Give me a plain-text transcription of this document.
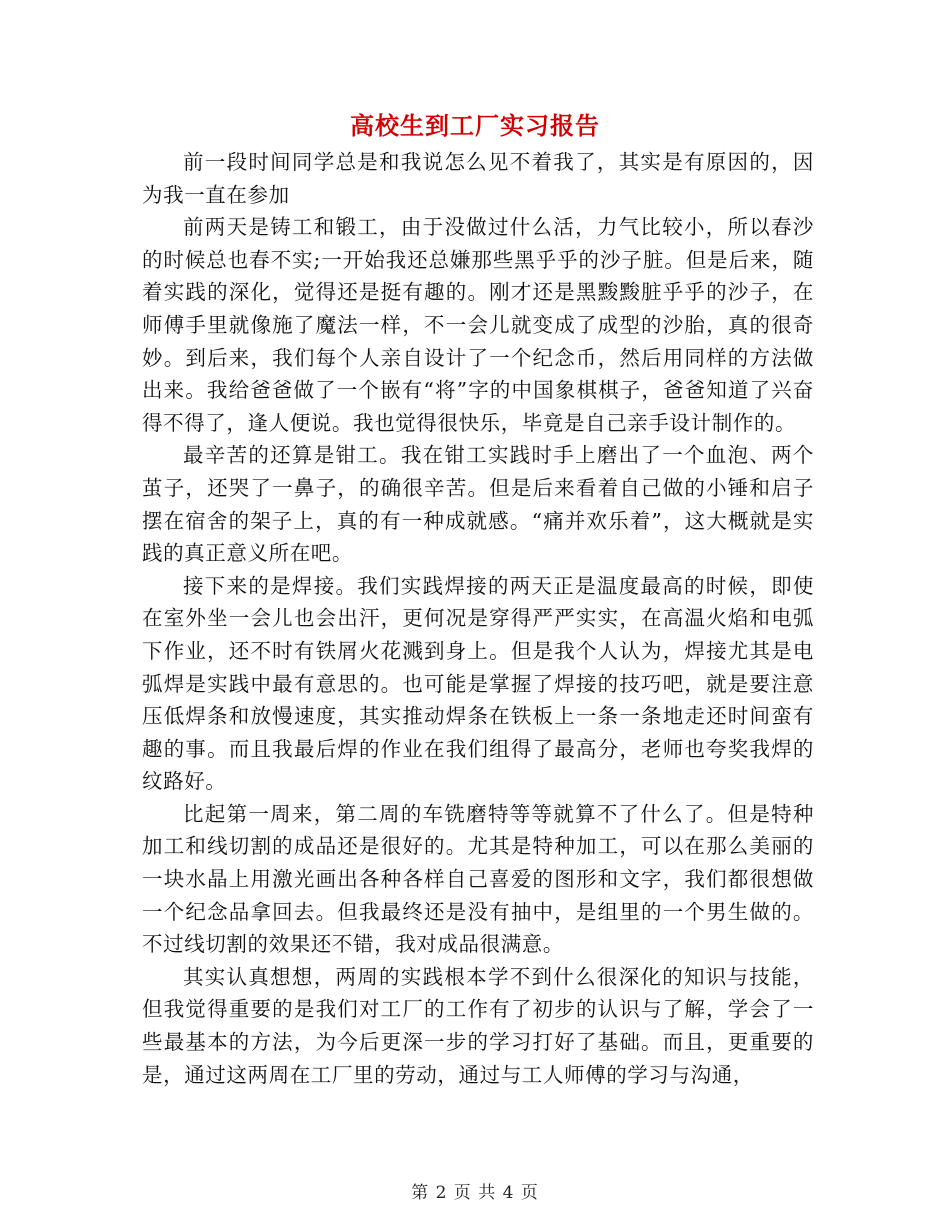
高校生到工厂实习报告

前一段时间同学总是和我说怎么见不着我了，其实是有原因的，因为我一直在参加

前两天是铸工和锻工，由于没做过什么活，力气比较小，所以春沙的时候总也春不实;一开始我还总嫌那些黑乎乎的沙子脏。但是后来，随着实践的深化，觉得还是挺有趣的。刚才还是黑黢黢脏乎乎的沙子，在师傅手里就像施了魔法一样，不一会儿就变成了成型的沙胎，真的很奇妙。到后来，我们每个人亲自设计了一个纪念币，然后用同样的方法做出来。我给爸爸做了一个嵌有“将”字的中国象棋棋子，爸爸知道了兴奋得不得了，逢人便说。我也觉得很快乐，毕竟是自己亲手设计制作的。

最辛苦的还算是钳工。我在钳工实践时手上磨出了一个血泡、两个茧子，还哭了一鼻子，的确很辛苦。但是后来看着自己做的小锤和启子摆在宿舍的架子上，真的有一种成就感。“痛并欢乐着”，这大概就是实践的真正意义所在吧。

接下来的是焊接。我们实践焊接的两天正是温度最高的时候，即使在室外坐一会儿也会出汗，更何况是穿得严严实实，在高温火焰和电弧下作业，还不时有铁屑火花溅到身上。但是我个人认为，焊接尤其是电弧焊是实践中最有意思的。也可能是掌握了焊接的技巧吧，就是要注意压低焊条和放慢速度，其实推动焊条在铁板上一条一条地走还时间蛮有趣的事。而且我最后焊的作业在我们组得了最高分，老师也夸奖我焊的纹路好。

比起第一周来，第二周的车铣磨特等等就算不了什么了。但是特种加工和线切割的成品还是很好的。尤其是特种加工，可以在那么美丽的一块水晶上用激光画出各种各样自己喜爱的图形和文字，我们都很想做一个纪念品拿回去。但我最终还是没有抽中，是组里的一个男生做的。不过线切割的效果还不错，我对成品很满意。

其实认真想想，两周的实践根本学不到什么很深化的知识与技能，但我觉得重要的是我们对工厂的工作有了初步的认识与了解，学会了一些最基本的方法，为今后更深一步的学习打好了基础。而且，更重要的是，通过这两周在工厂里的劳动，通过与工人师傅的学习与沟通，

第 2 页 共 4 页
